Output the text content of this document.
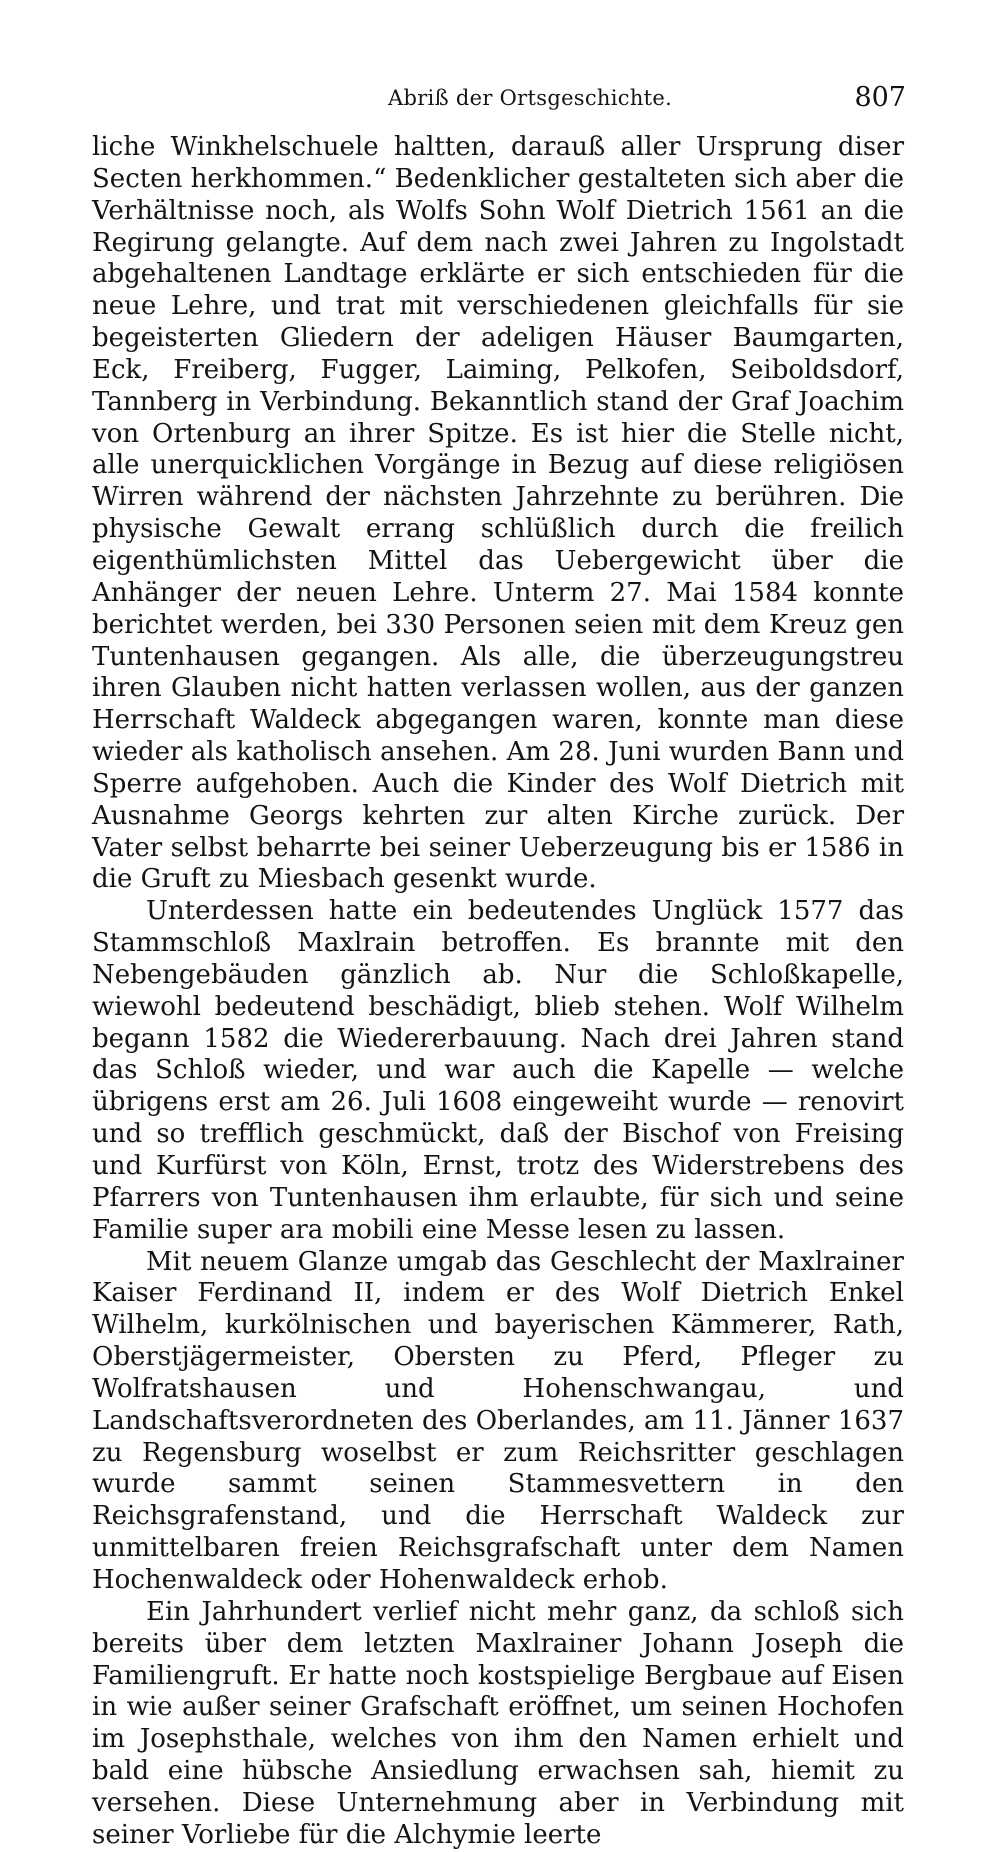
Abriß der Ortsgeschichte.	807

liche Winkhelschuele haltten, darauß aller Ursprung diser Secten herkhommen.“ Bedenklicher gestalteten sich aber die Verhältnisse noch, als Wolfs Sohn Wolf Dietrich 1561 an die Regirung gelangte. Auf dem nach zwei Jahren zu Ingolstadt abgehaltenen Landtage erklärte er sich entschieden für die neue Lehre, und trat mit verschiedenen gleichfalls für sie begeisterten Gliedern der adeligen Häuser Baumgarten, Eck, Freiberg, Fugger, Laiming, Pelkofen, Seiboldsdorf, Tannberg in Verbindung. Bekanntlich stand der Graf Joachim von Ortenburg an ihrer Spitze. Es ist hier die Stelle nicht, alle unerquicklichen Vorgänge in Bezug auf diese religiösen Wirren während der nächsten Jahrzehnte zu berühren. Die physische Gewalt errang schlüßlich durch die freilich eigenthümlichsten Mittel das Uebergewicht über die Anhänger der neuen Lehre. Unterm 27. Mai 1584 konnte berichtet werden, bei 330 Personen seien mit dem Kreuz gen Tuntenhausen gegangen. Als alle, die überzeugungstreu ihren Glauben nicht hatten verlassen wollen, aus der ganzen Herrschaft Waldeck abgegangen waren, konnte man diese wieder als katholisch ansehen. Am 28. Juni wurden Bann und Sperre aufgehoben. Auch die Kinder des Wolf Dietrich mit Ausnahme Georgs kehrten zur alten Kirche zurück. Der Vater selbst beharrte bei seiner Ueberzeugung bis er 1586 in die Gruft zu Miesbach gesenkt wurde.

Unterdessen hatte ein bedeutendes Unglück 1577 das Stammschloß Maxlrain betroffen. Es brannte mit den Nebengebäuden gänzlich ab. Nur die Schloßkapelle, wiewohl bedeutend beschädigt, blieb stehen. Wolf Wilhelm begann 1582 die Wiedererbauung. Nach drei Jahren stand das Schloß wieder, und war auch die Kapelle — welche übrigens erst am 26. Juli 1608 eingeweiht wurde — renovirt und so trefflich geschmückt, daß der Bischof von Freising und Kurfürst von Köln, Ernst, trotz des Widerstrebens des Pfarrers von Tuntenhausen ihm erlaubte, für sich und seine Familie super ara mobili eine Messe lesen zu lassen.

Mit neuem Glanze umgab das Geschlecht der Maxlrainer Kaiser Ferdinand II, indem er des Wolf Dietrich Enkel Wilhelm, kurkölnischen und bayerischen Kämmerer, Rath, Oberstjägermeister, Obersten zu Pferd, Pfleger zu Wolfratshausen und Hohenschwangau, und Landschaftsverordneten des Oberlandes, am 11. Jänner 1637 zu Regensburg woselbst er zum Reichsritter geschlagen wurde sammt seinen Stammesvettern in den Reichsgrafenstand, und die Herrschaft Waldeck zur unmittelbaren freien Reichsgrafschaft unter dem Namen Hochenwaldeck oder Hohenwaldeck erhob.

Ein Jahrhundert verlief nicht mehr ganz, da schloß sich bereits über dem letzten Maxlrainer Johann Joseph die Familiengruft. Er hatte noch kostspielige Bergbaue auf Eisen in wie außer seiner Grafschaft eröffnet, um seinen Hochofen im Josephsthale, welches von ihm den Namen erhielt und bald eine hübsche Ansiedlung erwachsen sah, hiemit zu versehen. Diese Unternehmung aber in Verbindung mit seiner Vorliebe für die Alchymie leerte
